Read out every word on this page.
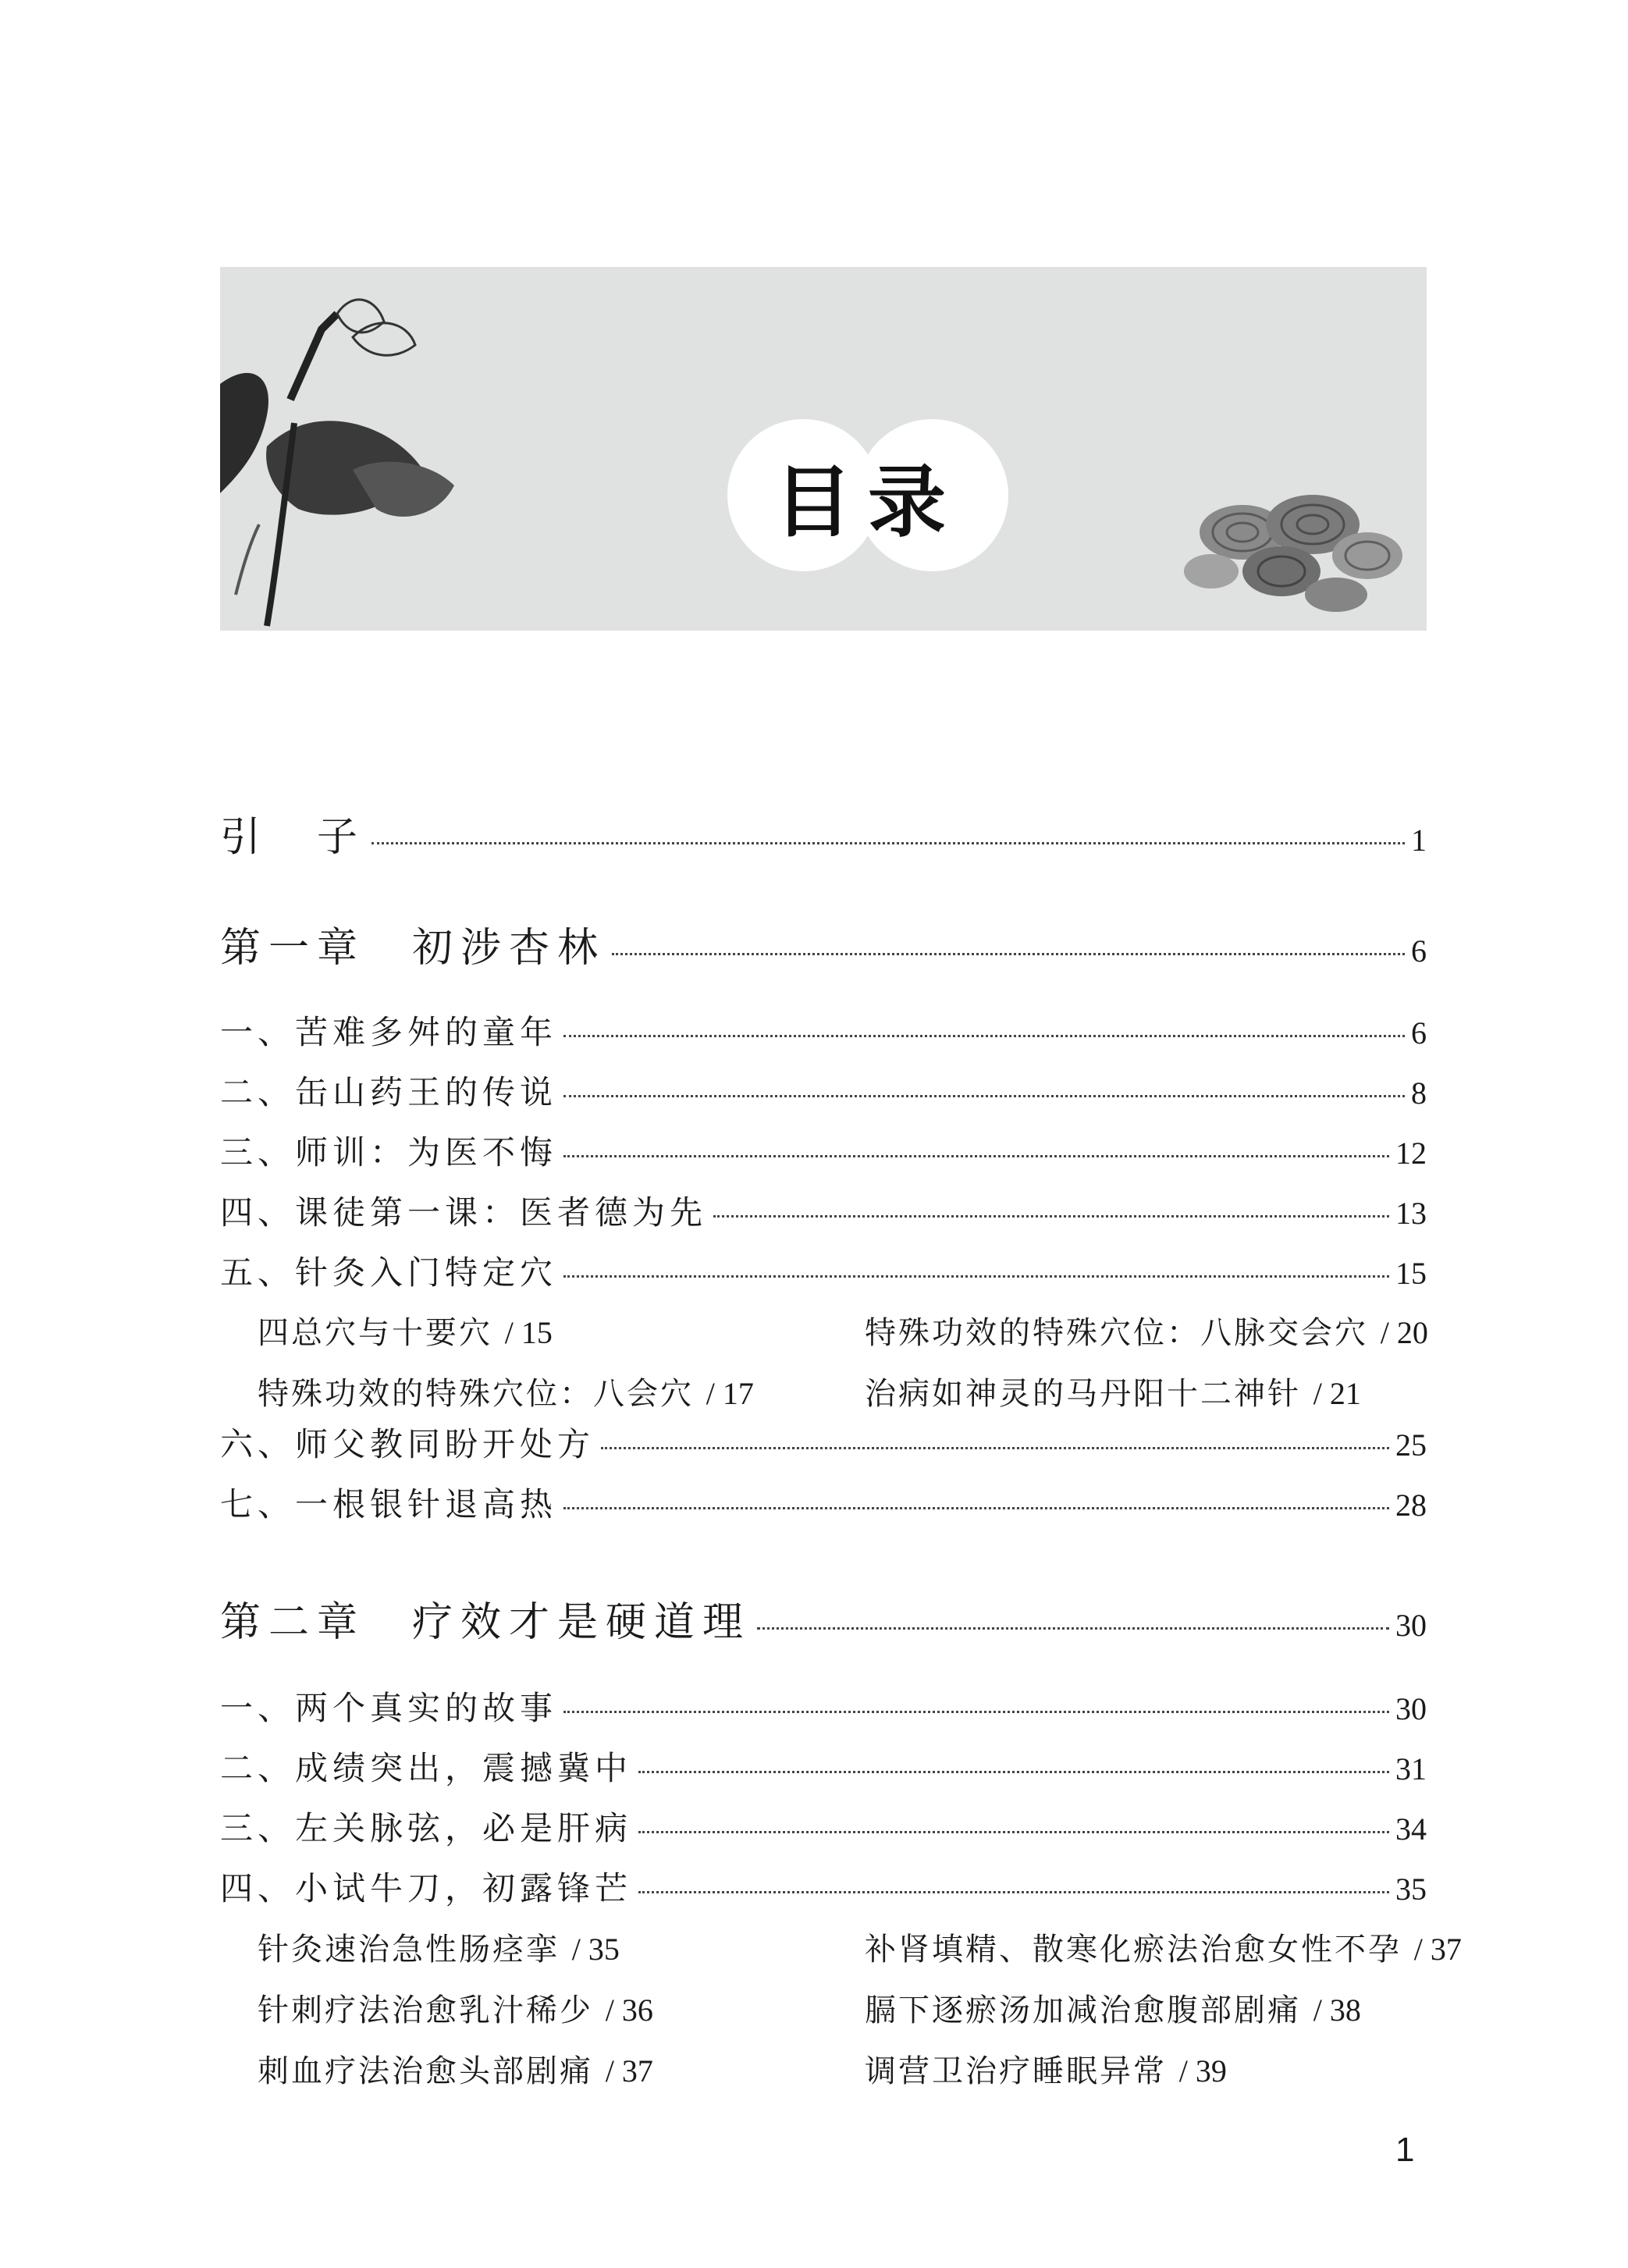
目录
引　子	1
第一章 初涉杏林	6
一、苦难多舛的童年	6
二、缶山药王的传说	8
三、师训：为医不悔	12
四、课徒第一课：医者德为先	13
五、针灸入门特定穴	15
四总穴与十要穴 / 15	特殊功效的特殊穴位：八脉交会穴 / 20
特殊功效的特殊穴位：八会穴 / 17	治病如神灵的马丹阳十二神针 / 21
六、师父教同盼开处方	25
七、一根银针退高热	28
第二章 疗效才是硬道理	30
一、两个真实的故事	30
二、成绩突出，震撼冀中	31
三、左关脉弦，必是肝病	34
四、小试牛刀，初露锋芒	35
针灸速治急性肠痉挛 / 35	补肾填精、散寒化瘀法治愈女性不孕 / 37
针刺疗法治愈乳汁稀少 / 36	膈下逐瘀汤加减治愈腹部剧痛 / 38
刺血疗法治愈头部剧痛 / 37	调营卫治疗睡眠异常 / 39
1
